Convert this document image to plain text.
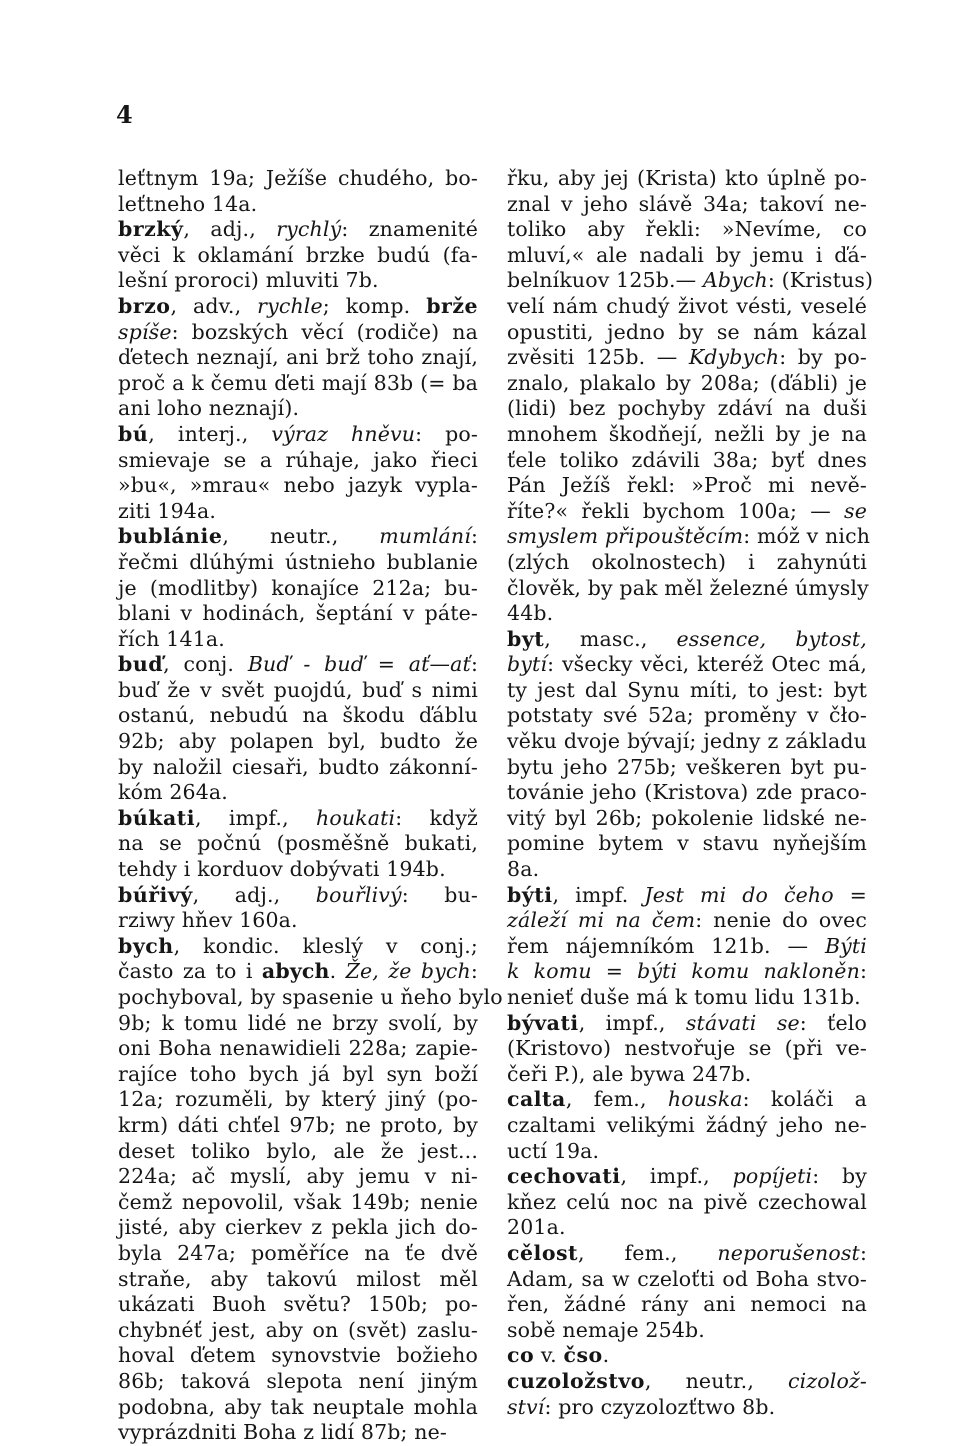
4
leťtnym 19a; Ježíše chudého, bo-
leťtneho 14a.
brzký, adj., rychlý: znamenité
věci k oklamání brzke budú (fa-
lešní proroci) mluviti 7b.
brzo, adv., rychle; komp. brže
spíše: bozských věcí (rodiče) na
ďetech neznají, ani brž toho znají,
proč a k čemu ďeti mají 83b (= ba
ani loho neznají).
bú, interj., výraz hněvu: po-
smievaje se a rúhaje, jako řieci
»bu«, »mrau« nebo jazyk vypla-
ziti 194a.
bublánie, neutr., mumlání:
řečmi dlúhými ústnieho bublanie
je (modlitby) konajíce 212a; bu-
blani v hodinách, šeptání v páte-
řích 141a.
buď, conj. Buď - buď = ať—ať:
buď že v svět puojdú, buď s nimi
ostanú, nebudú na škodu ďáblu
92b; aby polapen byl, budto že
by naložil ciesaři, budto zákonní-
kóm 264a.
búkati, impf., houkati: když
na se počnú (posměšně bukati,
tehdy i korduov dobývati 194b.
búřivý, adj., bouřlivý: bu-
rziwy hňev 160a.
bych, kondic. kleslý v conj.;
často za to i abych. Že, že bych:
pochyboval, by spasenie u ňeho bylo
9b; k tomu lidé ne brzy svolí, by
oni Boha nenawidieli 228a; zapie-
rajíce toho bych já byl syn boží
12a; rozuměli, by který jiný (po-
krm) dáti chťel 97b; ne proto, by
deset toliko bylo, ale že jest...
224a; ač myslí, aby jemu v ni-
čemž nepovolil, však 149b; nenie
jisté, aby cierkev z pekla jich do-
byla 247a; poměříce na ťe dvě
straňe, aby takovú milost měl
ukázati Buoh světu? 150b; po-
chybnéť jest, aby on (svět) zaslu-
hoval ďetem synovstvie božieho
86b; taková slepota není jiným
podobna, aby tak neuptale mohla
vyprázdniti Boha z lidí 87b; ne-
řku, aby jej (Krista) kto úplně po-
znal v jeho slávě 34a; takoví ne-
toliko aby řekli: »Nevíme, co
mluví,« ale nadali by jemu i ďá-
belníkuov 125b.— Abych: (Kristus)
velí nám chudý život vésti, veselé
opustiti, jedno by se nám kázal
zvěsiti 125b. — Kdybych: by po-
znalo, plakalo by 208a; (ďábli) je
(lidi) bez pochyby zdáví na duši
mnohem škodňejí, nežli by je na
ťele toliko zdávili 38a; byť dnes
Pán Ježíš řekl: »Proč mi nevě-
říte?« řekli bychom 100a; — se
smyslem připouštěcím: móž v nich
(zlých okolnostech) i zahynúti
člověk, by pak měl železné úmysly
44b.
byt, masc., essence, bytost,
bytí: všecky věci, kteréž Otec má,
ty jest dal Synu míti, to jest: byt
potstaty své 52a; proměny v čło-
věku dvoje bývají; jedny z základu
bytu jeho 275b; veškeren byt pu-
továnie jeho (Kristova) zde praco-
vitý byl 26b; pokolenie lidské ne-
pomine bytem v stavu nyňejším
8a.
býti, impf. Jest mi do čeho =
záleží mi na čem: nenie do ovec
řem nájemníkóm 121b. — Býti
k komu = býti komu nakloněn:
nenieť duše má k tomu lidu 131b.
bývati, impf., stávati se: ťelo
(Kristovo) nestvořuje se (při ve-
čeři P.), ale bywa 247b.
calta, fem., houska: koláči a
czaltami velikými žádný jeho ne-
uctí 19a.
cechovati, impf., popíjeti: by
kňez celú noc na pivě czechowal
201a.
cělost, fem., neporušenost:
Adam, sa w czeloťti od Boha stvo-
řen, žádné rány ani nemoci na
sobě nemaje 254b.
co v. čso.
cuzoložstvo, neutr., cizolož-
ství: pro czyzolozťtwo 8b.
